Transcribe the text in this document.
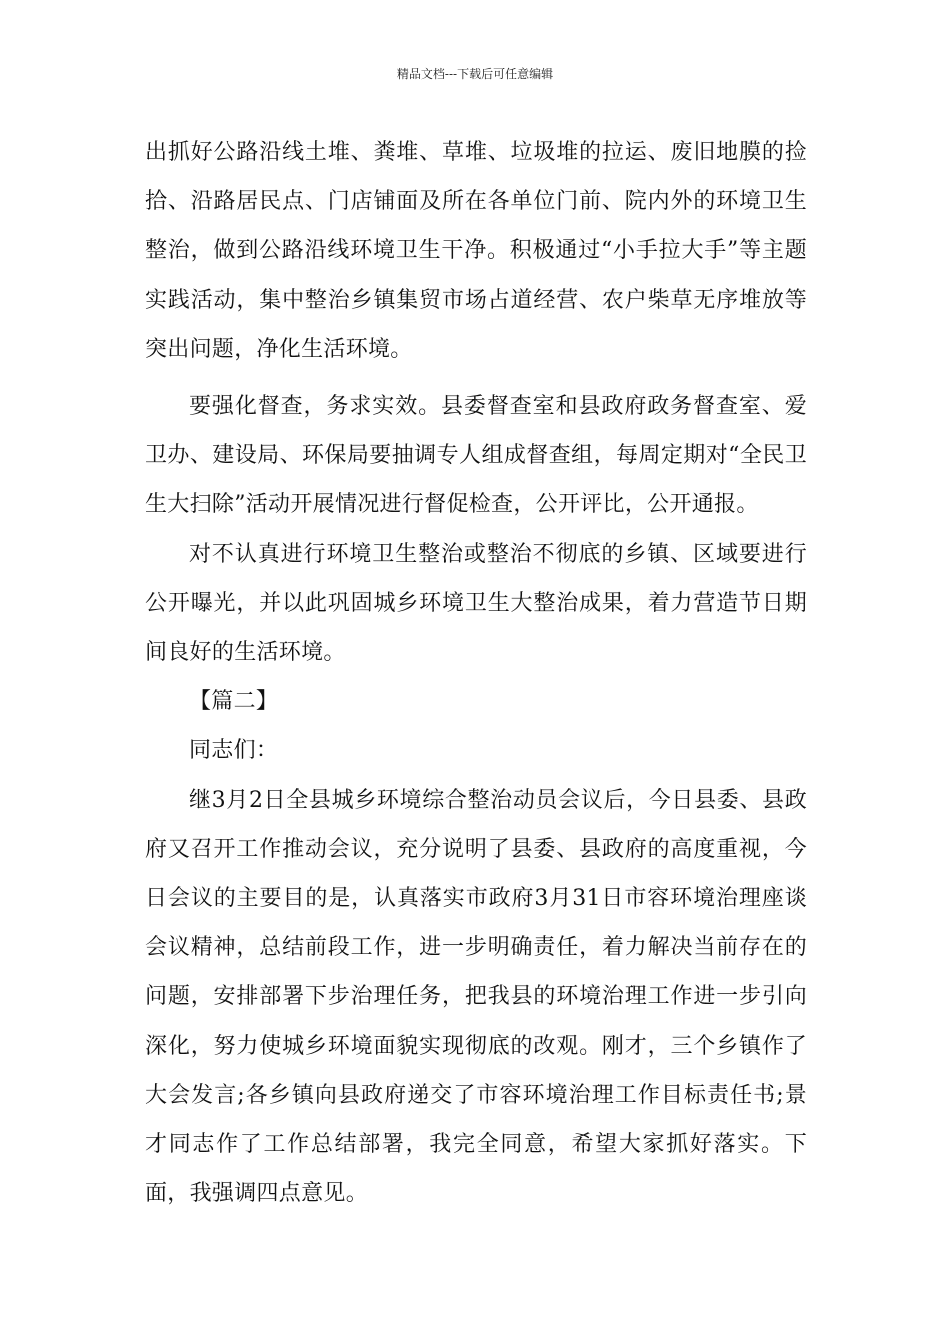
精品文档---下载后可任意编辑

出抓好公路沿线土堆、粪堆、草堆、垃圾堆的拉运、废旧地膜的捡拾、沿路居民点、门店铺面及所在各单位门前、院内外的环境卫生整治，做到公路沿线环境卫生干净。积极通过“小手拉大手”等主题实践活动，集中整治乡镇集贸市场占道经营、农户柴草无序堆放等突出问题，净化生活环境。

要强化督查，务求实效。县委督查室和县政府政务督查室、爱卫办、建设局、环保局要抽调专人组成督查组，每周定期对“全民卫生大扫除”活动开展情况进行督促检查，公开评比，公开通报。

对不认真进行环境卫生整治或整治不彻底的乡镇、区域要进行公开曝光，并以此巩固城乡环境卫生大整治成果，着力营造节日期间良好的生活环境。

【篇二】

同志们：

继3月2日全县城乡环境综合整治动员会议后，今日县委、县政府又召开工作推动会议，充分说明了县委、县政府的高度重视，今日会议的主要目的是，认真落实市政府3月31日市容环境治理座谈会议精神，总结前段工作，进一步明确责任，着力解决当前存在的问题，安排部署下步治理任务，把我县的环境治理工作进一步引向深化，努力使城乡环境面貌实现彻底的改观。刚才，三个乡镇作了大会发言;各乡镇向县政府递交了市容环境治理工作目标责任书;景才同志作了工作总结部署，我完全同意，希望大家抓好落实。下面，我强调四点意见。
